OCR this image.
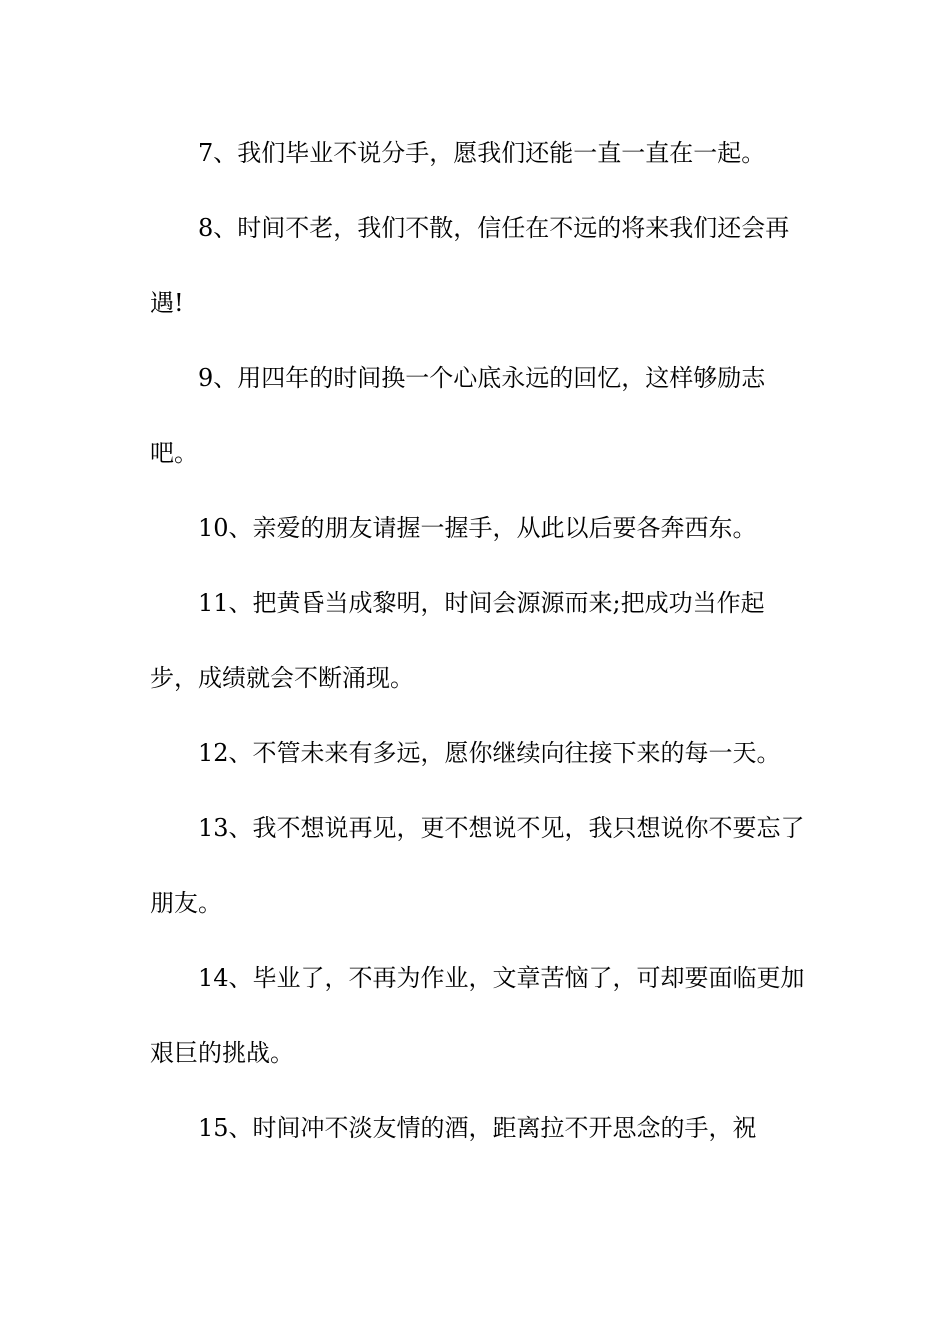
7、我们毕业不说分手，愿我们还能一直一直在一起。

8、时间不老，我们不散，信任在不远的将来我们还会再遇!

9、用四年的时间换一个心底永远的回忆，这样够励志吧。

10、亲爱的朋友请握一握手，从此以后要各奔西东。

11、把黄昏当成黎明，时间会源源而来;把成功当作起步，成绩就会不断涌现。

12、不管未来有多远，愿你继续向往接下来的每一天。

13、我不想说再见，更不想说不见，我只想说你不要忘了朋友。

14、毕业了，不再为作业，文章苦恼了，可却要面临更加艰巨的挑战。

15、时间冲不淡友情的酒，距离拉不开思念的手，祝
